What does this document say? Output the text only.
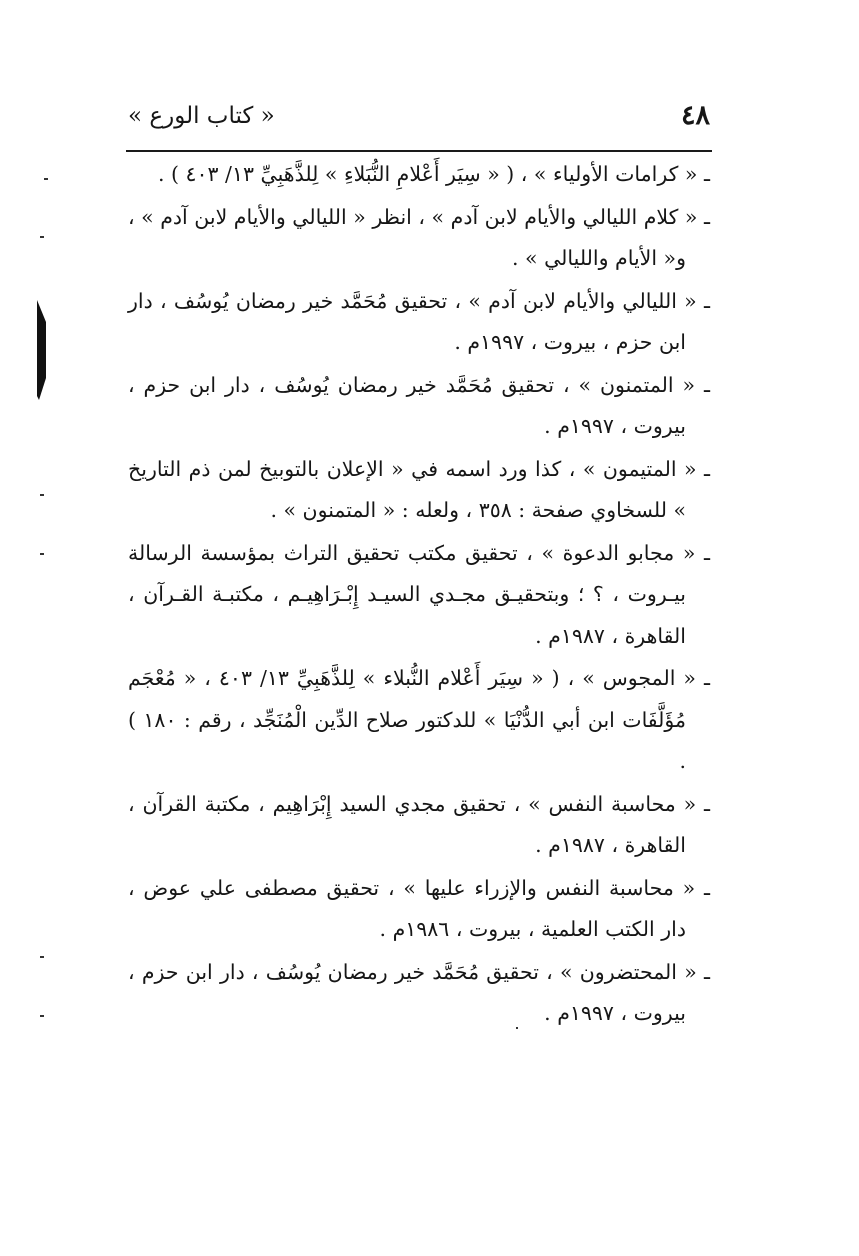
٤٨
« كتاب الورع »

ـ « كرامات الأولياء » ، ( « سِيَر أَعْلامِ النُّبَلاءِ » لِلذَّهَبِيِّ ١٣/ ٤٠٣ ) .

ـ « كلام الليالي والأيام لابن آدم » ، انظر « الليالي والأيام لابن آدم » ، و« الأيام والليالي » .

ـ « الليالي والأيام لابن آدم » ، تحقيق مُحَمَّد خير رمضان يُوسُف ، دار ابن حزم ، بيروت ، ١٩٩٧م .

ـ « المتمنون » ، تحقيق مُحَمَّد خير رمضان يُوسُف ، دار ابن حزم ، بيروت ، ١٩٩٧م .

ـ « المتيمون » ، كذا ورد اسمه في « الإعلان بالتوبيخ لمن ذم التاريخ » للسخاوي صفحة : ٣٥٨ ، ولعله : « المتمنون » .

ـ « مجابو الدعوة » ، تحقيق مكتب تحقيق التراث بمؤسسة الرسالة بيـروت ، ؟ ؛ وبتحقيـق مجـدي السيـد إِبْـرَاهِيـم ، مكتبـة القـرآن ، القاهرة ، ١٩٨٧م .

ـ « المجوس » ، ( « سِيَر أَعْلام النُّبلاء » لِلذَّهَبِيِّ ١٣/ ٤٠٣ ، « مُعْجَم مُؤَلَّفَات ابن أبي الدُّنْيَا » للدكتور صلاح الدِّين الْمُنَجِّد ، رقم : ١٨٠ ) .

ـ « محاسبة النفس » ، تحقيق مجدي السيد إِبْرَاهِيم ، مكتبة القرآن ، القاهرة ، ١٩٨٧م .

ـ « محاسبة النفس والإزراء عليها » ، تحقيق مصطفى علي عوض ، دار الكتب العلمية ، بيروت ، ١٩٨٦م .

ـ « المحتضرون » ، تحقيق مُحَمَّد خير رمضان يُوسُف ، دار ابن حزم ، بيروت ، ١٩٩٧م .
